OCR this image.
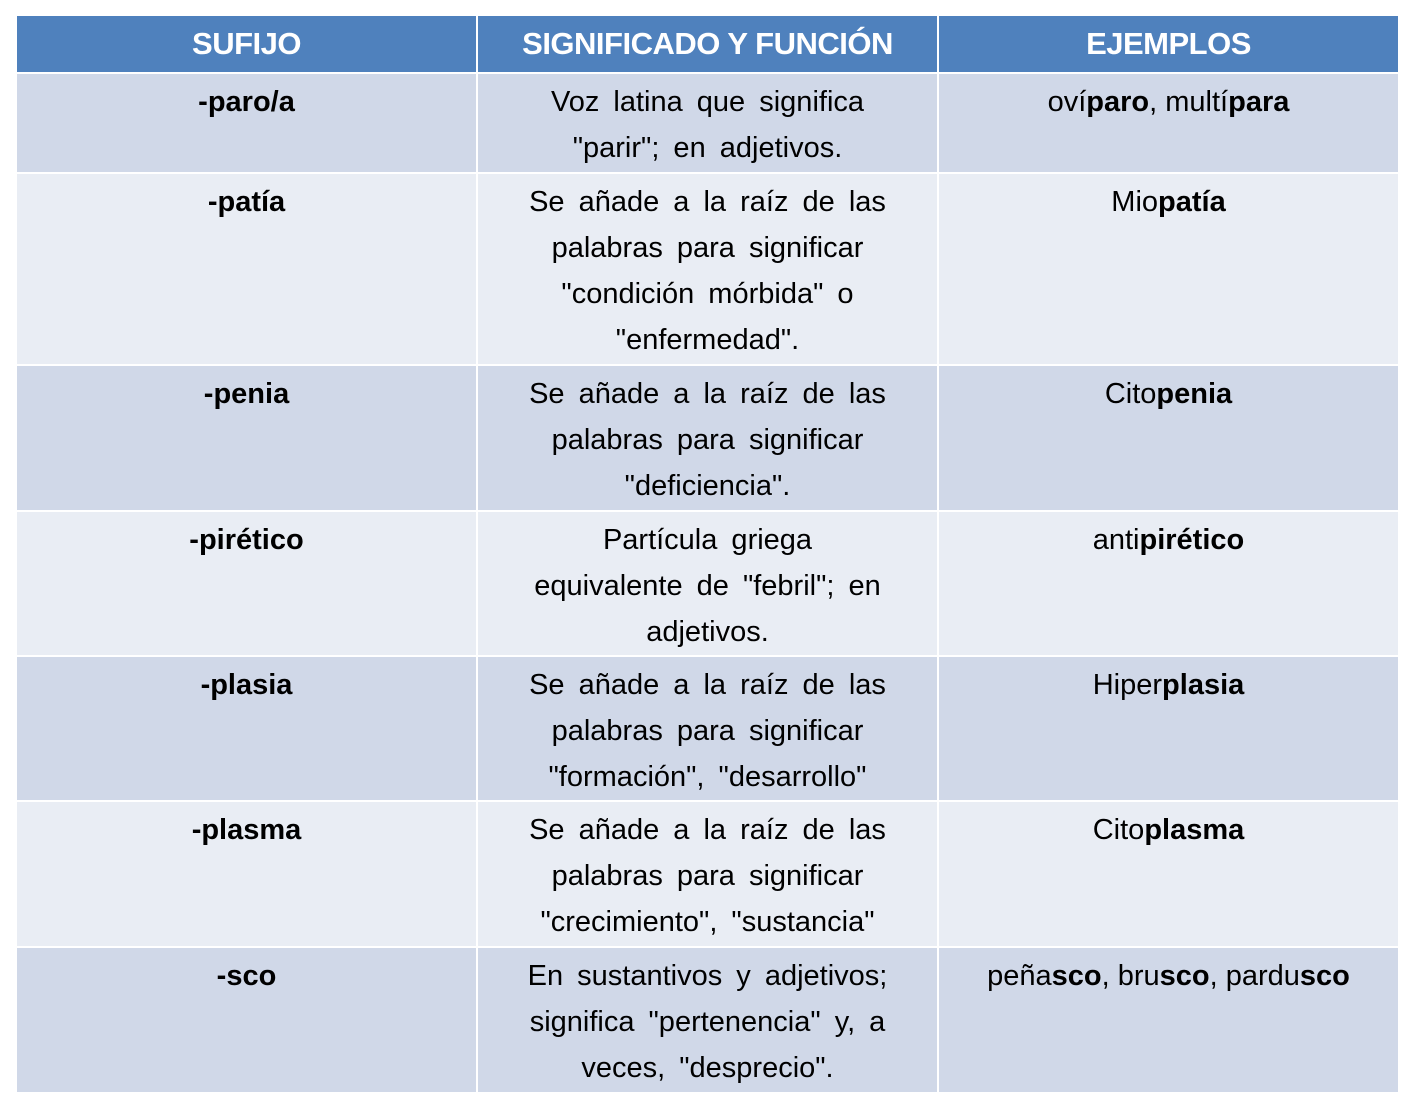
SUFIJO	SIGNIFICADO Y FUNCIÓN	EJEMPLOS
-paro/a	Voz latina que significa "parir"; en adjetivos.	ovíparo, multípara
-patía	Se añade a la raíz de las palabras para significar "condición mórbida" o "enfermedad".	Miopatía
-penia	Se añade a la raíz de las palabras para significar "deficiencia".	Citopenia
-pirético	Partícula griega equivalente de "febril"; en adjetivos.	antipirético
-plasia	Se añade a la raíz de las palabras para significar "formación", "desarrollo"	Hiperplasia
-plasma	Se añade a la raíz de las palabras para significar "crecimiento", "sustancia"	Citoplasma
-sco	En sustantivos y adjetivos; significa "pertenencia" y, a veces, "desprecio".	peñasco, brusco, pardusco
